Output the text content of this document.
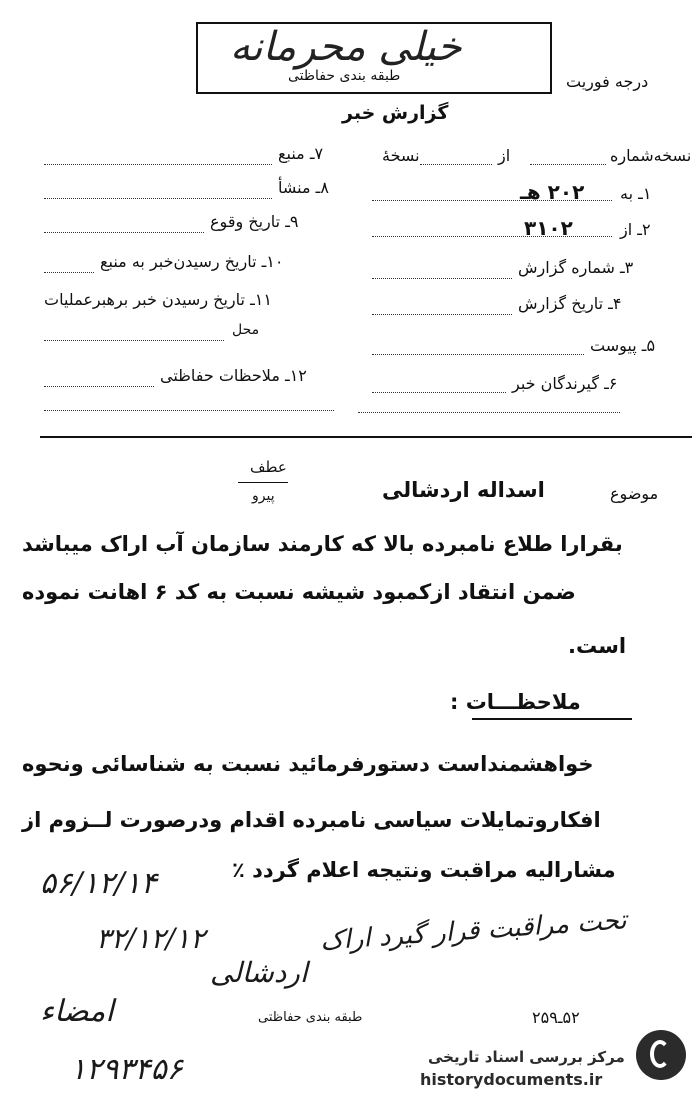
خیلی محرمانه
طبقه بندی حفاظتی	درجه فوریت
گزارش خبر
نسخه‌شماره
از
نسخهٔ
۱ـ به
۲۰۲ هـ
۲ـ از
۳۱۰۲
۳ـ شماره گزارش
۴ـ تاریخ گزارش
۵ـ پیوست
۶ـ گیرندگان خبر
۷ـ منبع
۸ـ منشأ
۹ـ تاریخ وقوع
۱۰ـ تاریخ رسیدن‌خبر به منبع
۱۱ـ تاریخ رسیدن خبر برهبرعملیات
محل
۱۲ـ ملاحظات حفاظتی
عطف
پیرو	موضوع
اسداله اردشالی
بقرارا طلاع نامبرده بالا که کارمند سازمان آب اراک میباشد
ضمن انتقاد ازکمبود شیشه نسبت به کد ۶ اهانت نموده
است.
ملاحظـــات :
خواهشمنداست دستورفرمائید نسبت به شناسائی ونحوه
افکاروتمایلات سیاسی نامبرده اقدام ودرصورت لــزوم از
مشارالیه مراقبت ونتیجه اعلام گردد ٪
۵۶/۱۲/۱۴
۳۲/۱۲/۱۲	تحت مراقبت قرار گیرد اراک
اردشالی
امضاء
۱۲۹۳۴۵۶
طبقه بندی حفاظتی	۵۲ـ۲۵۹
مرکز بررسی اسناد تاریخی
historydocuments.ir
